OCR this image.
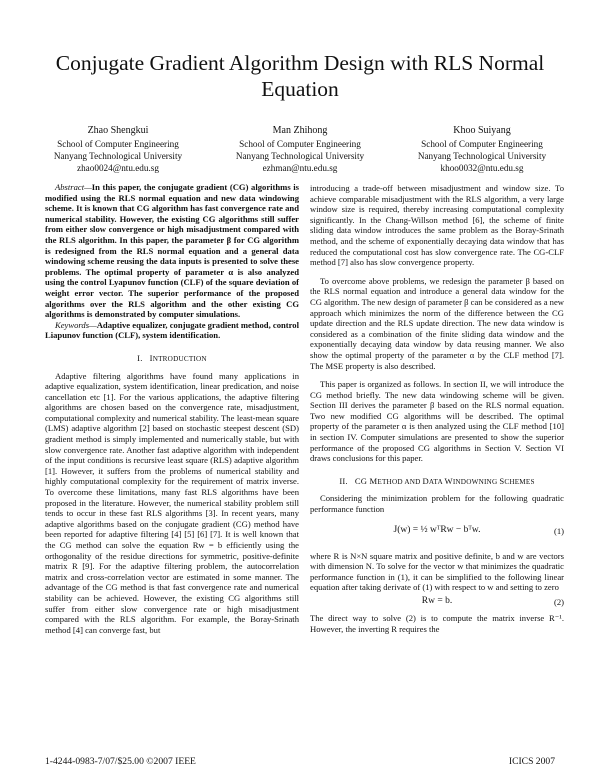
Conjugate Gradient Algorithm Design with RLS Normal Equation
Zhao Shengkui
School of Computer Engineering
Nanyang Technological University
zhao0024@ntu.edu.sg
Man Zhihong
School of Computer Engineering
Nanyang Technological University
ezhman@ntu.edu.sg
Khoo Suiyang
School of Computer Engineering
Nanyang Technological University
khoo0032@ntu.edu.sg

Abstract—In this paper, the conjugate gradient (CG) algorithms is modified using the RLS normal equation and new data windowing scheme. It is known that CG algorithm has fast convergence rate and numerical stability. However, the existing CG algorithms still suffer from either slow convergence or high misadjustment compared with the RLS algorithm. In this paper, the parameter β for CG algorithm is redesigned from the RLS normal equation and a general data windowing scheme reusing the data inputs is presented to solve these problems. The optimal property of parameter α is also analyzed using the control Lyapunov function (CLF) of the square deviation of weight error vector. The superior performance of the proposed algorithms over the RLS algorithm and the other existing CG algorithms is demonstrated by computer simulations.

Keywords—Adaptive equalizer, conjugate gradient method, control Liapunov function (CLF), system identification.

I. INTRODUCTION

Adaptive filtering algorithms have found many applications in adaptive equalization, system identification, linear predication, and noise cancellation etc [1]. For the various applications, the adaptive filtering algorithms are chosen based on the convergence rate, misadjustment, computational complexity and numerical stability. The least-mean square (LMS) adaptive algorithm [2] based on stochastic steepest descent (SD) gradient method is simply implemented and numerically stable, but with slow convergence rate. Another fast adaptive algorithm with independent of the input conditions is recursive least square (RLS) adaptive algorithm [1]. However, it suffers from the problems of numerical stability and highly computational complexity for the requirement of matrix inverse. To overcome these limitations, many fast RLS algorithms have been proposed in the literature. However, the numerical stability problem still tends to occur in these fast RLS algorithms [3]. In recent years, many adaptive algorithms based on the conjugate gradient (CG) method have been reported for adaptive filtering [4] [5] [6] [7]. It is well known that the CG method can solve the equation Rw = b efficiently using the orthogonality of the residue directions for symmetric, positive-definite matrix R [9]. For the adaptive filtering problem, the autocorrelation matrix and cross-correlation vector are estimated in some manner. The advantage of the CG method is that fast convergence rate and numerical stability can be achieved. However, the existing CG algorithms still suffer from either slow convergence rate or high misadjustment compared with the RLS algorithm. For example, the Boray-Srinath method [4] can converge fast, but

introducing a trade-off between misadjustment and window size. To achieve comparable misadjustment with the RLS algorithm, a very large window size is required, thereby increasing computational complexity significantly. In the Chang-Willson method [6], the scheme of finite sliding data window introduces the same problem as the Boray-Srinath method, and the scheme of exponentially decaying data window that has reduced the computational cost has slow convergence rate. The CG-CLF method [7] also has slow convergence property.

To overcome above problems, we redesign the parameter β based on the RLS normal equation and introduce a general data window for the CG algorithm. The new design of parameter β can be considered as a new approach which minimizes the norm of the difference between the CG update direction and the RLS update direction. The new data window is considered as a combination of the finite sliding data window and the exponentially decaying data window by data reusing manner. We also show the optimal property of the parameter α by the CLF method [7]. The MSE property is also described.

This paper is organized as follows. In section II, we will introduce the CG method briefly. The new data windowing scheme will be given. Section III derives the parameter β based on the RLS normal equation. Two new modified CG algorithms will be described. The optimal property of the parameter α is then analyzed using the CLF method [10] in section IV. Computer simulations are presented to show the superior performance of the proposed CG algorithms in Section V. Section VI draws conclusions for this paper.

II. CG METHOD AND DATA WINDOWNING SCHEMES

Considering the minimization problem for the following quadratic performance function

J(w) = ½ wᵀRw − bᵀw.	(1)

where R is N×N square matrix and positive definite, b and w are vectors with dimension N. To solve for the vector w that minimizes the quadratic performance function in (1), it can be simplified to the following linear equation after taking derivate of (1) with respect to w and setting to zero

Rw = b.	(2)

The direct way to solve (2) is to compute the matrix inverse R⁻¹. However, the inverting R requires the

1-4244-0983-7/07/$25.00 ©2007 IEEE	ICICS 2007
